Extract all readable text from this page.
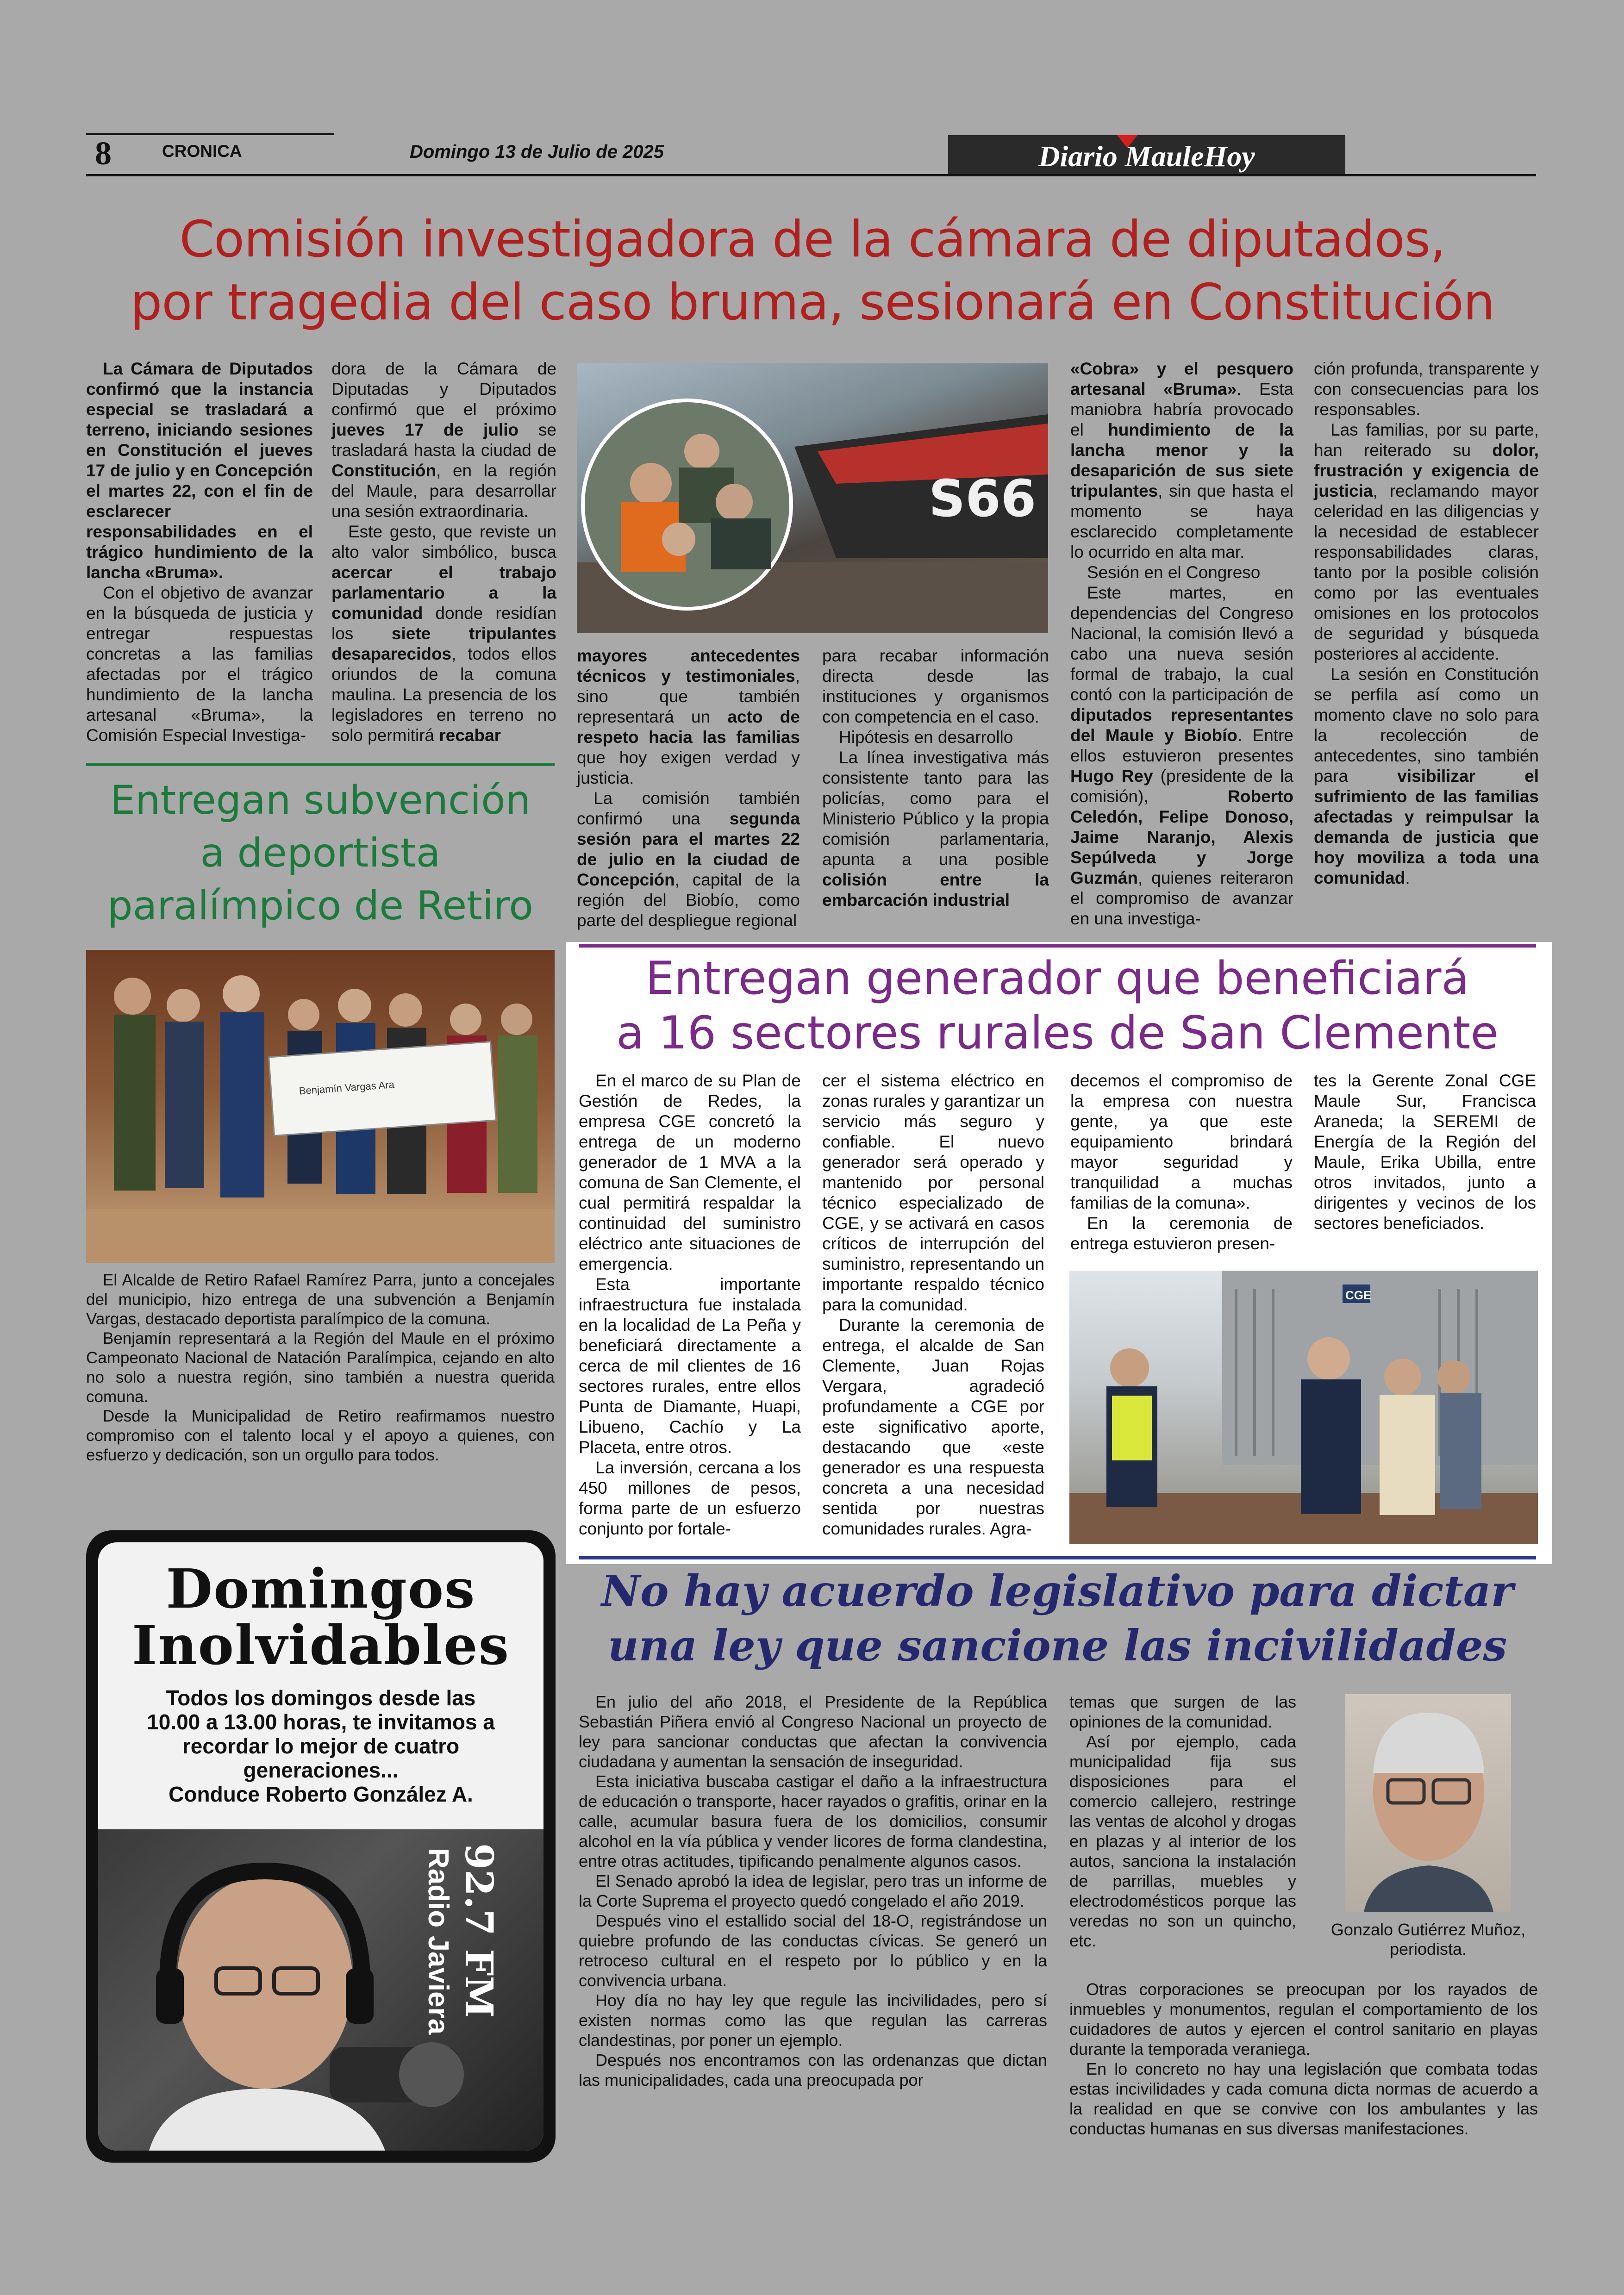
8	CRONICA	Domingo 13 de Julio de 2025	Diario MauleHoy
Comisión investigadora de la cámara de diputados,
por tragedia del caso bruma, sesionará en Constitución

La Cámara de Diputados confirmó que la instancia especial se trasladará a terreno, iniciando sesiones en Constitución el jueves 17 de julio y en Concepción el martes 22, con el fin de esclarecer responsabilidades en el trágico hundimiento de la lancha «Bruma».

Con el objetivo de avanzar en la búsqueda de justicia y entregar respuestas concretas a las familias afectadas por el trágico hundimiento de la lancha artesanal «Bruma», la Comisión Especial Investiga-

dora de la Cámara de Diputadas y Diputados confirmó que el próximo jueves 17 de julio se trasladará hasta la ciudad de Constitución, en la región del Maule, para desarrollar una sesión extraordinaria.

Este gesto, que reviste un alto valor simbólico, busca acercar el trabajo parlamentario a la comunidad donde residían los siete tripulantes desaparecidos, todos ellos oriundos de la comuna maulina. La presencia de los legisladores en terreno no solo permitirá recabar

S66

mayores antecedentes técnicos y testimoniales, sino que también representará un acto de respeto hacia las familias que hoy exigen verdad y justicia.

La comisión también confirmó una segunda sesión para el martes 22 de julio en la ciudad de Concepción, capital de la región del Biobío, como parte del despliegue regional

para recabar información directa desde las instituciones y organismos con competencia en el caso.

Hipótesis en desarrollo

La línea investigativa más consistente tanto para las policías, como para el Ministerio Público y la propia comisión parlamentaria, apunta a una posible colisión entre la embarcación industrial

«Cobra» y el pesquero artesanal «Bruma». Esta maniobra habría provocado el hundimiento de la lancha menor y la desaparición de sus siete tripulantes, sin que hasta el momento se haya esclarecido completamente lo ocurrido en alta mar.

Sesión en el Congreso

Este martes, en dependencias del Congreso Nacional, la comisión llevó a cabo una nueva sesión formal de trabajo, la cual contó con la participación de diputados representantes del Maule y Biobío. Entre ellos estuvieron presentes Hugo Rey (presidente de la comisión), Roberto Celedón, Felipe Donoso, Jaime Naranjo, Alexis Sepúlveda y Jorge Guzmán, quienes reiteraron el compromiso de avanzar en una investiga-

ción profunda, transparente y con consecuencias para los responsables.

Las familias, por su parte, han reiterado su dolor, frustración y exigencia de justicia, reclamando mayor celeridad en las diligencias y la necesidad de establecer responsabilidades claras, tanto por la posible colisión como por las eventuales omisiones en los protocolos de seguridad y búsqueda posteriores al accidente.

La sesión en Constitución se perfila así como un momento clave no solo para la recolección de antecedentes, sino también para visibilizar el sufrimiento de las familias afectadas y reimpulsar la demanda de justicia que hoy moviliza a toda una comunidad.

Entregan subvención
a deportista
paralímpico de Retiro
Benjamín Vargas Ara

El Alcalde de Retiro Rafael Ramírez Parra, junto a concejales del municipio, hizo entrega de una subvención a Benjamín Vargas, destacado deportista paralímpico de la comuna.

Benjamín representará a la Región del Maule en el próximo Campeonato Nacional de Natación Paralímpica, cejando en alto no solo a nuestra región, sino también a nuestra querida comuna.

Desde la Municipalidad de Retiro reafirmamos nuestro compromiso con el talento local y el apoyo a quienes, con esfuerzo y dedicación, son un orgullo para todos.

Entregan generador que beneficiará
a 16 sectores rurales de San Clemente

En el marco de su Plan de Gestión de Redes, la empresa CGE concretó la entrega de un moderno generador de 1 MVA a la comuna de San Clemente, el cual permitirá respaldar la continuidad del suministro eléctrico ante situaciones de emergencia.

Esta importante infraestructura fue instalada en la localidad de La Peña y beneficiará directamente a cerca de mil clientes de 16 sectores rurales, entre ellos Punta de Diamante, Huapi, Libueno, Cachío y La Placeta, entre otros.

La inversión, cercana a los 450 millones de pesos, forma parte de un esfuerzo conjunto por fortale-

cer el sistema eléctrico en zonas rurales y garantizar un servicio más seguro y confiable. El nuevo generador será operado y mantenido por personal técnico especializado de CGE, y se activará en casos críticos de interrupción del suministro, representando un importante respaldo técnico para la comunidad.

Durante la ceremonia de entrega, el alcalde de San Clemente, Juan Rojas Vergara, agradeció profundamente a CGE por este significativo aporte, destacando que «este generador es una respuesta concreta a una necesidad sentida por nuestras comunidades rurales. Agra-

decemos el compromiso de la empresa con nuestra gente, ya que este equipamiento brindará mayor seguridad y tranquilidad a muchas familias de la comuna».

En la ceremonia de entrega estuvieron presen-

tes la Gerente Zonal CGE Maule Sur, Francisca Araneda; la SEREMI de Energía de la Región del Maule, Erika Ubilla, entre otros invitados, junto a dirigentes y vecinos de los sectores beneficiados.

CGE
Domingos
Inolvidables
Todos los domingos desde las
10.00 a 13.00 horas, te invitamos a
recordar lo mejor de cuatro
generaciones...
Conduce Roberto González A.
92.7 FM
Radio Javiera
No hay acuerdo legislativo para dictar
una ley que sancione las incivilidades

En julio del año 2018, el Presidente de la República Sebastián Piñera envió al Congreso Nacional un proyecto de ley para sancionar conductas que afectan la convivencia ciudadana y aumentan la sensación de inseguridad.

Esta iniciativa buscaba castigar el daño a la infraestructura de educación o transporte, hacer rayados o grafitis, orinar en la calle, acumular basura fuera de los domicilios, consumir alcohol en la vía pública y vender licores de forma clandestina, entre otras actitudes, tipificando penalmente algunos casos.

El Senado aprobó la idea de legislar, pero tras un informe de la Corte Suprema el proyecto quedó congelado el año 2019.

Después vino el estallido social del 18-O, registrándose un quiebre profundo de las conductas cívicas. Se generó un retroceso cultural en el respeto por lo público y en la convivencia urbana.

Hoy día no hay ley que regule las incivilidades, pero sí existen normas como las que regulan las carreras clandestinas, por poner un ejemplo.

Después nos encontramos con las ordenanzas que dictan las municipalidades, cada una preocupada por

temas que surgen de las opiniones de la comunidad.

Así por ejemplo, cada municipalidad fija sus disposiciones para el comercio callejero, restringe las ventas de alcohol y drogas en plazas y al interior de los autos, sanciona la instalación de parrillas, muebles y electrodomésticos porque las veredas no son un quincho, etc.

Gonzalo Gutiérrez Muñoz,
periodista.

Otras corporaciones se preocupan por los rayados de inmuebles y monumentos, regulan el comportamiento de los cuidadores de autos y ejercen el control sanitario en playas durante la temporada veraniega.

En lo concreto no hay una legislación que combata todas estas incivilidades y cada comuna dicta normas de acuerdo a la realidad en que se convive con los ambulantes y las conductas humanas en sus diversas manifestaciones.
